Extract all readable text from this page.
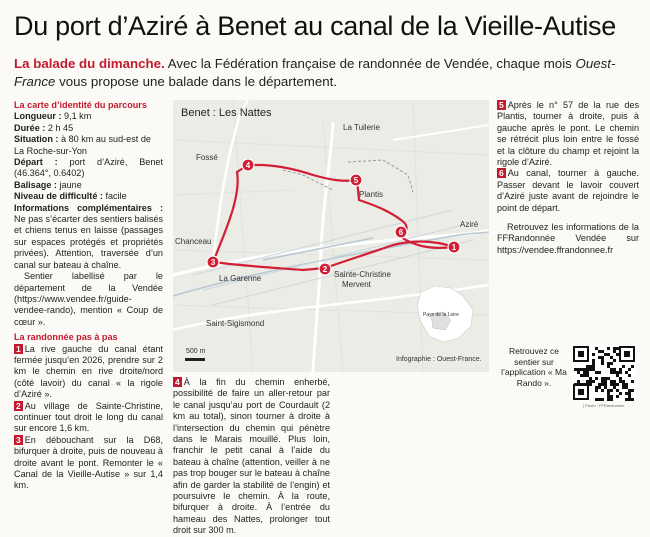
Du port d’Aziré à Benet au canal de la Vieille-Autise
La balade du dimanche. Avec la Fédération française de randonnée de Vendée, chaque mois Ouest-France vous propose une balade dans le département.

La carte d’identité du parcours

Longueur : 9,1 km

Durée : 2 h 45

Situation : à 80 km au sud-est de La Roche-sur-Yon

Départ : port d’Aziré, Benet (46.364°, 0.6402)

Balisage : jaune

Niveau de difficulté : facile

Informations complémentaires : Ne pas s’écarter des sentiers balisés et chiens tenus en laisse (passages sur espaces protégés et propriétés privées). Attention, traversée d’un canal sur bateau à chaîne.

Sentier labellisé par le département de la Vendée (https://www.vendee.fr/guide-vendee-rando), mention « Coup de cœur ».

La randonnée pas à pas

1 La rive gauche du canal étant fermée jusqu’en 2026, prendre sur 2 km le chemin en rive droite/nord (côté lavoir) du canal « la rigole d’Aziré ».

2 Au village de Sainte-Christine, continuer tout droit le long du canal sur encore 1,6 km.

3 En débouchant sur la D68, bifurquer à droite, puis de nouveau à droite avant le pont. Remonter le « Canal de la Vieille-Autise » sur 1,4 km.

Benet : Les Nattes
La Tuilerie
Fossé
Plantis
Aziré
Chanceau
La Garenne	Sainte-Christine
Mervent
Saint-Sigismond
Pays de la Loire
500 m
Infographie : Ouest-France.
1
2
3
4
5
6

4 À la fin du chemin enherbé, possibilité de faire un aller-retour par le canal jusqu’au port de Courdault (2 km au total), sinon tourner à droite à l’intersection du chemin qui pénètre dans le Marais mouillé. Plus loin, franchir le petit canal à l’aide du bateau à chaîne (attention, veiller à ne pas trop bouger sur le bateau à chaîne afin de garder la stabilité de l’engin) et poursuivre le chemin. À la route, bifurquer à droite. À l’entrée du hameau des Nattes, prolonger tout droit sur 300 m.

5 Après le n° 57 de la rue des Plantis, tourner à droite, puis à gauche après le pont. Le chemin se rétrécit plus loin entre le fossé et la clôture du champ et rejoint la rigole d’Aziré.

6 Au canal, tourner à gauche. Passer devant le lavoir couvert d’Aziré juste avant de rejoindre le point de départ.

Retrouvez les informations de la FFRandonnée Vendée sur https://vendee.ffrandonnee.fr

Retrouvez ce sentier sur l’application « Ma Rando ».
| Photo : FFRandonnée
